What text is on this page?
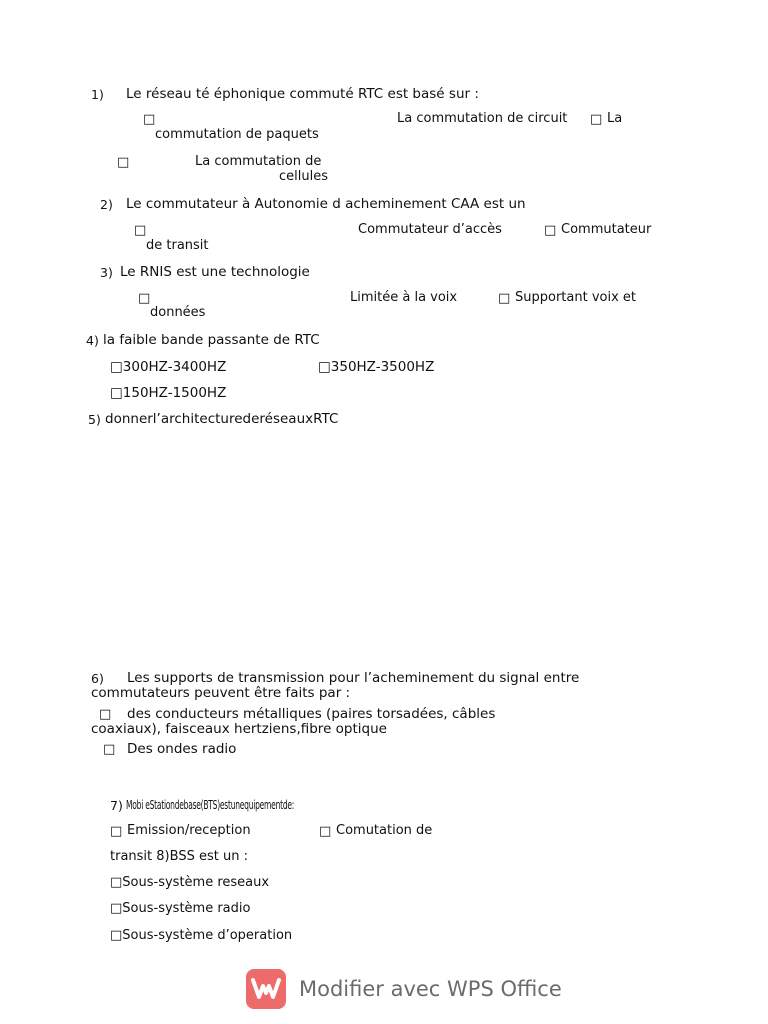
1) Le réseau té éphonique commuté RTC est basé sur :
□	La commutation de circuit □ La
commutation de paquets
□	La commutation de
cellules
2) Le commutateur à Autonomie d acheminement CAA est un
□	Commutateur d’accès	□ Commutateur
de transit
3) Le RNIS est une technologie
□	Limitée à la voix	□ Supportant voix et
données
4) la faible bande passante de RTC
□300HZ-3400HZ	□350HZ-3500HZ
□150HZ-1500HZ
5) donnerl’architecturederéseauxRTC
6) Les supports de transmission pour l’acheminement du signal entre
commutateurs peuvent être faits par :
□ des conducteurs métalliques (paires torsadées, câbles
coaxiaux), faisceaux hertziens,fibre optique
□ Des ondes radio
7) Mobi eStationdebase(BTS)estunequipementde:
□ Emission/reception	□ Comutation de
transit 8)BSS est un :
□Sous-système reseaux
□Sous-système radio
□Sous-système d’operation
Modifier avec WPS Office
